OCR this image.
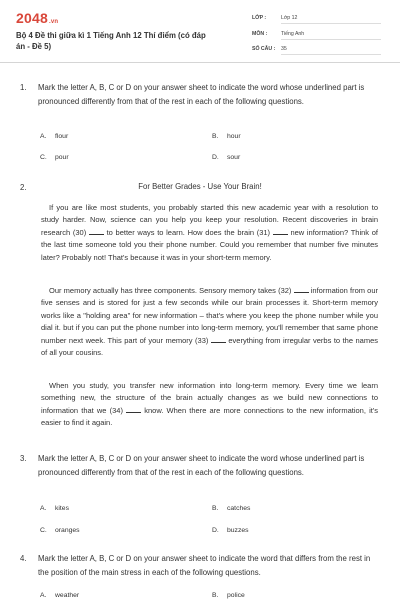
2048.vn
Bộ 4 Đề thi giữa kì 1 Tiếng Anh 12 Thí điểm (có đáp án - Đề 5)
LỚP :	Lớp 12
MÔN :	Tiếng Anh
SỐ CÂU : 35
1.	Mark the letter A, B, C or D on your answer sheet to indicate the word whose underlined part is pronounced differently from that of the rest in each of the following questions.
A. flour	B. hour
C. pour	D. sour
2.	For Better Grades - Use Your Brain!
If you are like most students, you probably started this new academic year with a resolution to study harder. Now, science can you help you keep your resolution. Recent discoveries in brain research (30)  to better ways to learn. How does the brain (31)  new information? Think of the last time someone told you their phone number. Could you remember that number five minutes later? Probably not! That's because it was in your short-term memory.
Our memory actually has three components. Sensory memory takes (32)  information from our five senses and is stored for just a few seconds while our brain processes it. Short-term memory works like a "holding area" for new information – that's where you keep the phone number while you dial it. but if you can put the phone number into long-term memory, you'll remember that same phone number next week. This part of your memory (33)  everything from irregular verbs to the names of all your cousins.
When you study, you transfer new information into long-term memory. Every time we learn something new, the structure of the brain actually changes as we build new connections to information that we (34)  know. When there are more connections to the new information, it's easier to find it again.
3.	Mark the letter A, B, C or D on your answer sheet to indicate the word whose underlined part is pronounced differently from that of the rest in each of the following questions.
A. kites	B. catches
C. oranges	D. buzzes
4.	Mark the letter A, B, C or D on your answer sheet to indicate the word that differs from the rest in the position of the main stress in each of the following questions.
A. weather	B. police
